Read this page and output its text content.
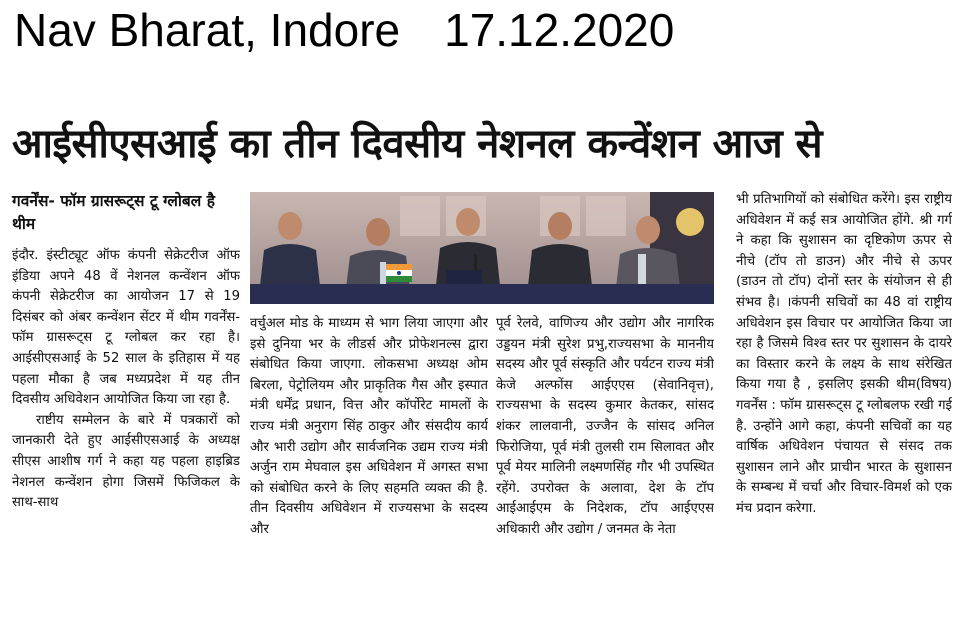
Nav Bharat, Indore 17.12.2020
आईसीएसआई का तीन दिवसीय नेशनल कन्वेंशन आज से
गवर्नेंस- फॉम ग्रासरूट्स टू ग्लोबल है थीम

इंदौर. इंस्टीट्यूट ऑफ कंपनी सेक्रेटरीज ऑफ इंडिया अपने 48 वें नेशनल कन्वेंशन ऑफ कंपनी सेक्रेटरीज का आयोजन 17 से 19 दिसंबर को अंबर कन्वेंशन सेंटर में थीम गवर्नेंस- फॉम ग्रासरूट्स टू ग्लोबल कर रहा है। आईसीएसआई के 52 साल के इतिहास में यह पहला मौका है जब मध्यप्रदेश में यह तीन दिवसीय अधिवेशन आयोजित किया जा रहा है.

राष्टीय सम्मेलन के बारे में पत्रकारों को जानकारी देते हुए आईसीएसआई के अध्यक्ष सीएस आशीष गर्ग ने कहा यह पहला हाइब्रिड नेशनल कन्वेंशन होगा जिसमें फिजिकल के साथ-साथ

वर्चुअल मोड के माध्यम से भाग लिया जाएगा और इसे दुनिया भर के लीडर्स और प्रोफेशनल्स द्वारा संबोधित किया जाएगा. लोकसभा अध्यक्ष ओम बिरला, पेट्रोलियम और प्राकृतिक गैस और इस्पात मंत्री धर्मेंद्र प्रधान, वित्त और कॉर्पोरेट मामलों के राज्य मंत्री अनुराग सिंह ठाकुर और संसदीय कार्य और भारी उद्योग और सार्वजनिक उद्यम राज्य मंत्री अर्जुन राम मेघवाल इस अधिवेशन में अगस्त सभा को संबोधित करने के लिए सहमति व्यक्त की है. तीन दिवसीय अधिवेशन में राज्यसभा के सदस्य और

पूर्व रेलवे, वाणिज्य और उद्योग और नागरिक उड्डयन मंत्री सुरेश प्रभु,राज्यसभा के माननीय सदस्य और पूर्व संस्कृति और पर्यटन राज्य मंत्री केजे अल्फोंस आईएएस (सेवानिवृत्त), राज्यसभा के सदस्य कुमार केतकर, सांसद शंकर लालवानी, उज्जैन के सांसद अनिल फिरोजिया, पूर्व मंत्री तुलसी राम सिलावत और पूर्व मेयर मालिनी लक्ष्मणसिंह गौर भी उपस्थित रहेंगे. उपरोक्त के अलावा, देश के टॉप आईआईएम के निदेशक, टॉप आईएएस अधिकारी और उद्योग / जनमत के नेता

भी प्रतिभागियों को संबोधित करेंगे। इस राष्ट्रीय अधिवेशन में कई सत्र आयोजित होंगे. श्री गर्ग ने कहा कि सुशासन का दृष्टिकोण ऊपर से नीचे (टॉप तो डाउन) और नीचे से ऊपर (डाउन तो टॉप) दोनों स्तर के संयोजन से ही संभव है। ।कंपनी सचिवों का 48 वां राष्ट्रीय अधिवेशन इस विचार पर आयोजित किया जा रहा है जिसमे विश्व स्तर पर सुशासन के दायरे का विस्तार करने के लक्ष्य के साथ संरेखित किया गया है , इसलिए इसकी थीम(विषय) गवर्नेंस : फॉम ग्रासरूट्स टू ग्लोबलफ रखी गई है. उन्होंने आगे कहा, कंपनी सचिवों का यह वार्षिक अधिवेशन पंचायत से संसद तक सुशासन लाने और प्राचीन भारत के सुशासन के सम्बन्ध में चर्चा और विचार-विमर्श को एक मंच प्रदान करेगा.
